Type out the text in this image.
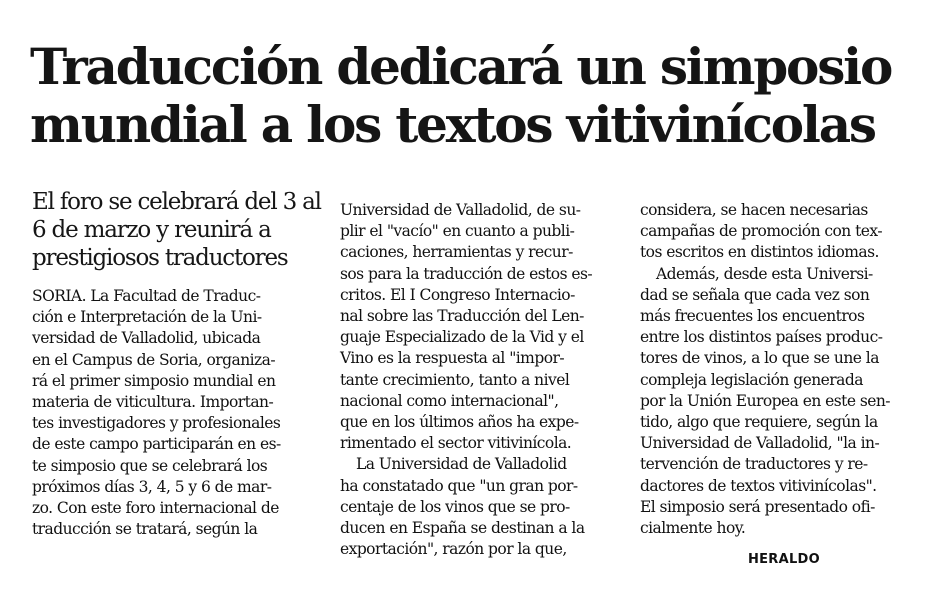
Traducción dedicará un simposio
mundial a los textos vitivinícolas
El foro se celebrará del 3 al
6 de marzo y reunirá a
prestigiosos traductores
SORIA. La Facultad de Traduc-
ción e Interpretación de la Uni-
versidad de Valladolid, ubicada
en el Campus de Soria, organiza-
rá el primer simposio mundial en
materia de viticultura. Importan-
tes investigadores y profesionales
de este campo participarán en es-
te simposio que se celebrará los
próximos días 3, 4, 5 y 6 de mar-
zo. Con este foro internacional de
traducción se tratará, según la
Universidad de Valladolid, de su-
plir el "vacío" en cuanto a publi-
caciones, herramientas y recur-
sos para la traducción de estos es-
critos. El I Congreso Internacio-
nal sobre las Traducción del Len-
guaje Especializado de la Vid y el
Vino es la respuesta al "impor-
tante crecimiento, tanto a nivel
nacional como internacional",
que en los últimos años ha expe-
rimentado el sector vitivinícola.
La Universidad de Valladolid
ha constatado que "un gran por-
centaje de los vinos que se pro-
ducen en España se destinan a la
exportación", razón por la que,
considera, se hacen necesarias
campañas de promoción con tex-
tos escritos en distintos idiomas.
Además, desde esta Universi-
dad se señala que cada vez son
más frecuentes los encuentros
entre los distintos países produc-
tores de vinos, a lo que se une la
compleja legislación generada
por la Unión Europea en este sen-
tido, algo que requiere, según la
Universidad de Valladolid, "la in-
tervención de traductores y re-
dactores de textos vitivinícolas".
El simposio será presentado ofi-
cialmente hoy.
HERALDO
